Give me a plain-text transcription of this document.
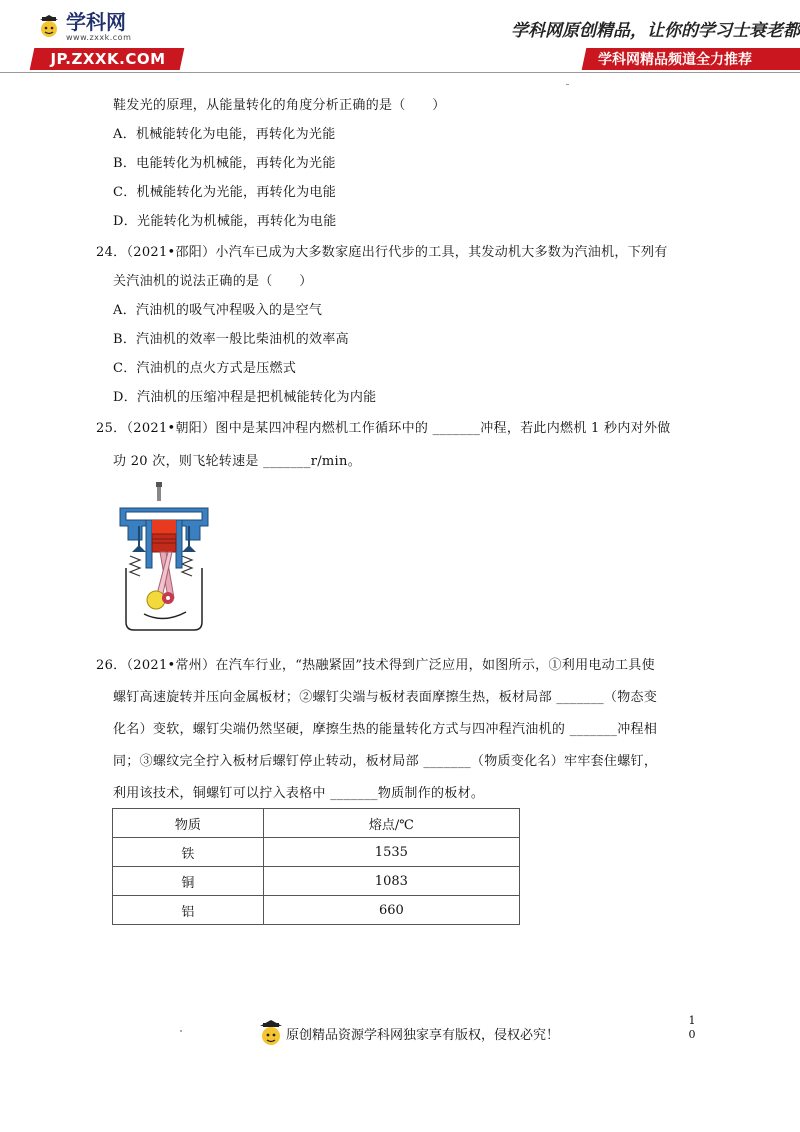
学科网
www.zxxk.com
JP.ZXXK.COM
学科网原创精品，让你的学习士衰老都
学科网精品频道全力推荐
鞋发光的原理，从能量转化的角度分析正确的是（　　）
A．机械能转化为电能，再转化为光能
B．电能转化为机械能，再转化为光能
C．机械能转化为光能，再转化为电能
D．光能转化为机械能，再转化为电能
24．（2021•邵阳）小汽车已成为大多数家庭出行代步的工具，其发动机大多数为汽油机，下列有
关汽油机的说法正确的是（　　）
A．汽油机的吸气冲程吸入的是空气
B．汽油机的效率一般比柴油机的效率高
C．汽油机的点火方式是压燃式
D．汽油机的压缩冲程是把机械能转化为内能
25．（2021•朝阳）图中是某四冲程内燃机工作循环中的 _______冲程，若此内燃机 1 秒内对外做
功 20 次，则飞轮转速是 _______r/min。
26．（2021•常州）在汽车行业，“热融紧固”技术得到广泛应用，如图所示，①利用电动工具使
螺钉高速旋转并压向金属板材；②螺钉尖端与板材表面摩擦生热，板材局部 _______（物态变
化名）变软，螺钉尖端仍然坚硬，摩擦生热的能量转化方式与四冲程汽油机的 _______冲程相
同；③螺纹完全拧入板材后螺钉停止转动，板材局部 _______（物质变化名）牢牢套住螺钉，
利用该技术，铜螺钉可以拧入表格中 _______物质制作的板材。
物质	熔点/℃
铁	1535
铜	1083
铝	660
原创精品资源学科网独家享有版权，侵权必究！
1
0
